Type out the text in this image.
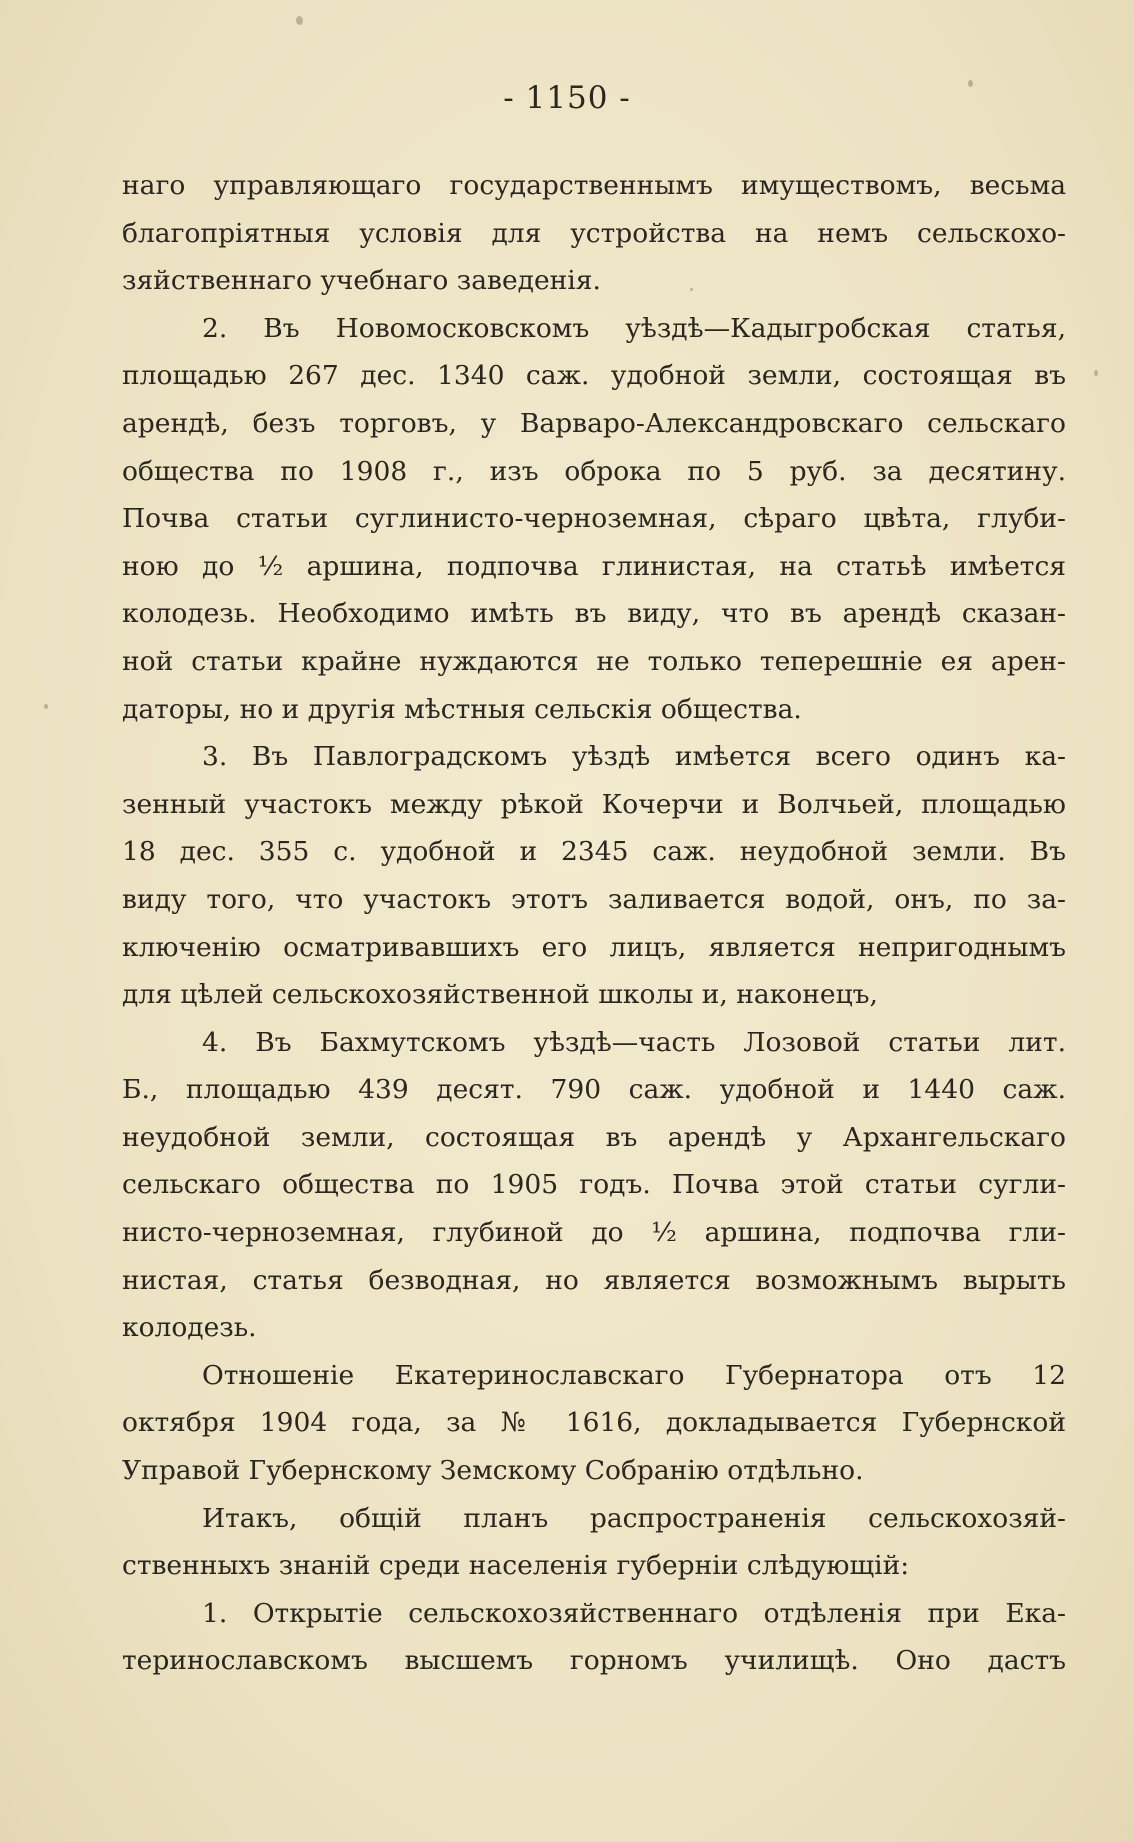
- 1150 -
наго управляющаго государственнымъ имуществомъ, весьма
благопріятныя условія для устройства на немъ сельскохо-
зяйственнаго учебнаго заведенія.
2. Въ Новомосковскомъ уѣздѣ—Кадыгробская статья,
площадью 267 дес. 1340 саж. удобной земли, состоящая въ
арендѣ, безъ торговъ, у Варваро-Александровскаго сельскаго
общества по 1908 г., изъ оброка по 5 руб. за десятину.
Почва статьи суглинисто-черноземная, сѣраго цвѣта, глуби-
ною до ½ аршина, подпочва глинистая, на статьѣ имѣется
колодезь. Необходимо имѣть въ виду, что въ арендѣ сказан-
ной статьи крайне нуждаются не только теперешніе ея арен-
даторы, но и другія мѣстныя сельскія общества.
3. Въ Павлоградскомъ уѣздѣ имѣется всего одинъ ка-
зенный участокъ между рѣкой Кочерчи и Волчьей, площадью
18 дес. 355 с. удобной и 2345 саж. неудобной земли. Въ
виду того, что участокъ этотъ заливается водой, онъ, по за-
ключенію осматривавшихъ его лицъ, является непригоднымъ
для цѣлей сельскохозяйственной школы и, наконецъ,
4. Въ Бахмутскомъ уѣздѣ—часть Лозовой статьи лит.
Б., площадью 439 десят. 790 саж. удобной и 1440 саж.
неудобной земли, состоящая въ арендѣ у Архангельскаго
сельскаго общества по 1905 годъ. Почва этой статьи сугли-
нисто-черноземная, глубиной до ½ аршина, подпочва гли-
нистая, статья безводная, но является возможнымъ вырыть
колодезь.
Отношеніе Екатеринославскаго Губернатора отъ 12
октября 1904 года, за № 1616, докладывается Губернской
Управой Губернскому Земскому Собранію отдѣльно.
Итакъ, общій планъ распространенія сельскохозяй-
ственныхъ знаній среди населенія губерніи слѣдующій:
1. Открытіе сельскохозяйственнаго отдѣленія при Ека-
теринославскомъ высшемъ горномъ училищѣ. Оно дастъ
